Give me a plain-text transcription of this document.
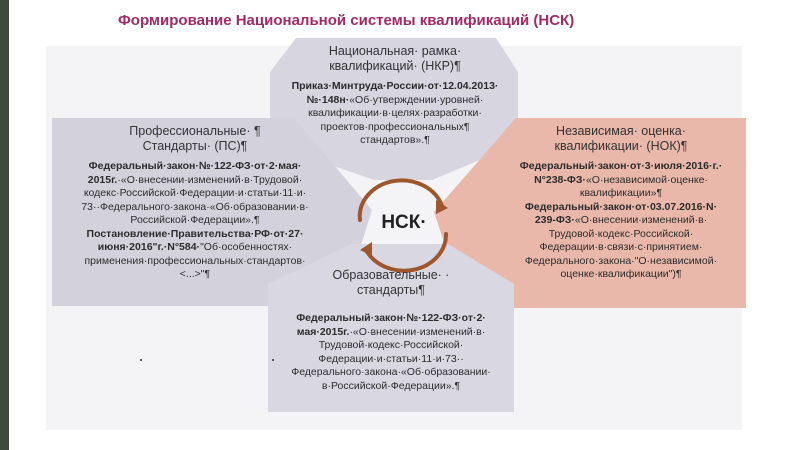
Формирование Национальной системы квалификаций (НСК)
НСК·
Национальная· рамка·
квалификаций· (НКР)¶
Приказ·Минтруда·России·от·12.04.2013·
№·148н·«Об·утверждении·уровней·
квалификации·в·целях·разработки·
проектов·профессиональных¶
стандартов».¶
Профессиональные· ¶
Стандарты· (ПС)¶
Федеральный·закон·№·122-ФЗ·от·2·мая·
2015г.·«О·внесении·изменений·в·Трудовой·
кодекс·Российской·Федерации·и·статьи·11·и·
73··Федерального·закона·«Об·образовании·в·
Российской·Федерации».¶
Постановление·Правительства·РФ·от·27·
июня·2016"г.·N°584·"Об·особенностях·
применения·профессиональных·стандартов·
<...>"¶
Независимая· оценка·
квалификации· (НОК)¶
Федеральный·закон·от·3·июля·2016·г.·
N°238-ФЗ·«О·независимой·оценке·
квалификации»¶
Федеральный·закон·от·03.07.2016·N·
239-ФЗ·«О·внесении·изменений·в·
Трудовой·кодекс·Российской·
Федерации·в·связи·с·принятием·
Федерального·закона·"О·независимой·
оценке·квалификации")¶
Образовательные· ·
стандарты¶
Федеральный·закон·№·122-ФЗ·от·2·
мая·2015г.·«О·внесении·изменений·в·
Трудовой·кодекс·Российской·
Федерации·и·статьи·11·и·73··
Федерального·закона·«Об·образовании·
в·Российской·Федерации».¶
